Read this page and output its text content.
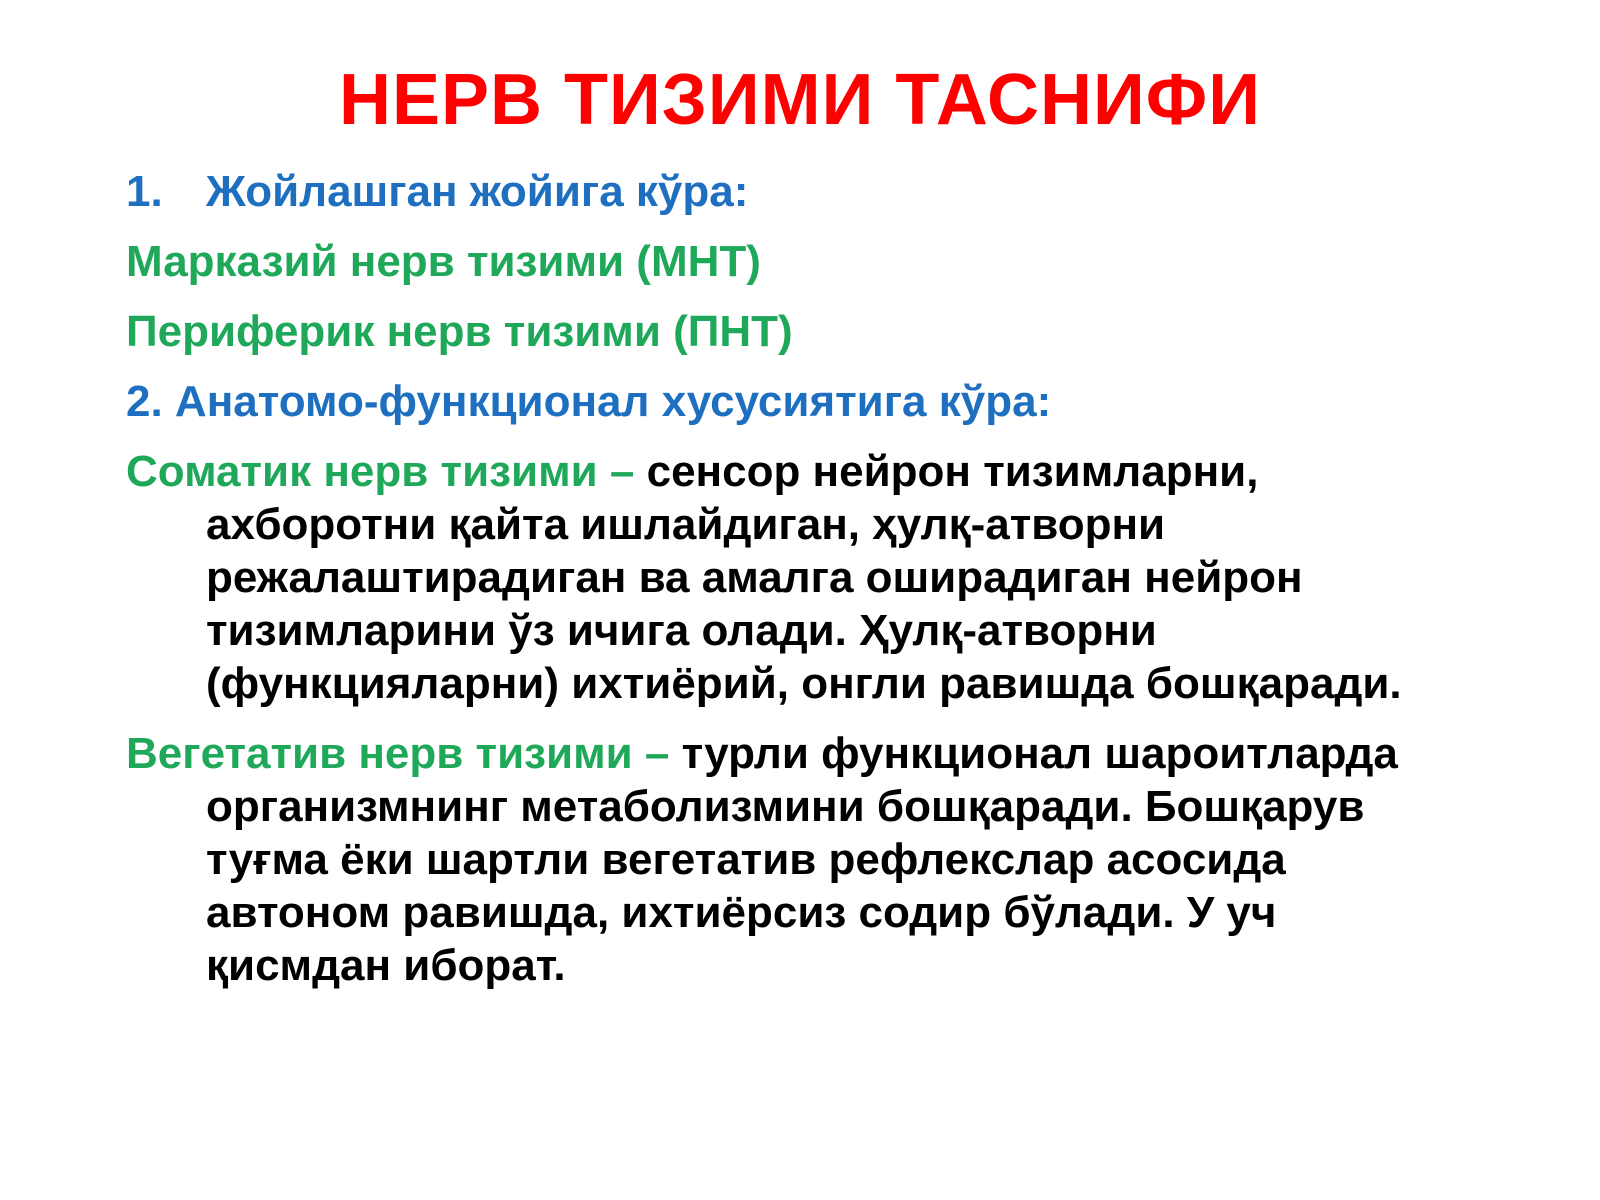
НЕРВ ТИЗИМИ ТАСНИФИ
1. Жойлашган жойига кўра:
Марказий нерв тизими (МНТ)
Периферик нерв тизими (ПНТ)
2. Анатомо-функционал хусусиятига кўра:
Соматик нерв тизими – сенсор нейрон тизимларни, ахборотни қайта ишлайдиган, ҳулқ-атворни режалаштирадиган ва амалга оширадиган нейрон тизимларини ўз ичига олади. Ҳулқ-атворни (функцияларни) ихтиёрий, онгли равишда бошқаради.
Вегетатив нерв тизими – турли функционал шароитларда организмнинг метаболизмини бошқаради. Бошқарув туғма ёки шартли вегетатив рефлекслар асосида автоном равишда, ихтиёрсиз содир бўлади. У уч қисмдан иборат.
